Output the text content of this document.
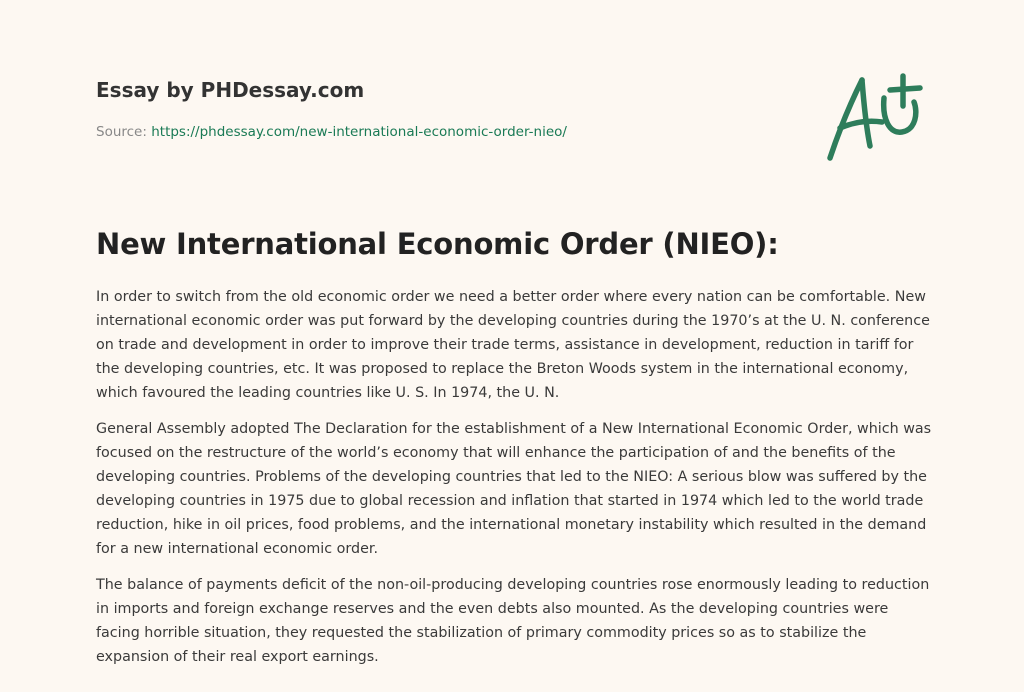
Essay by PHDessay.com
Source: https://phdessay.com/new-international-economic-order-nieo/
New International Economic Order (NIEO):

In order to switch from the old economic order we need a better order where every nation can be comfortable. New international economic order was put forward by the developing countries during the 1970’s at the U. N. conference on trade and development in order to improve their trade terms, assistance in development, reduction in tariff for the developing countries, etc. It was proposed to replace the Breton Woods system in the international economy, which favoured the leading countries like U. S. In 1974, the U. N.

General Assembly adopted The Declaration for the establishment of a New International Economic Order, which was focused on the restructure of the world’s economy that will enhance the participation of and the benefits of the developing countries. Problems of the developing countries that led to the NIEO: A serious blow was suffered by the developing countries in 1975 due to global recession and inflation that started in 1974 which led to the world trade reduction, hike in oil prices, food problems, and the international monetary instability which resulted in the demand for a new international economic order.

The balance of payments deficit of the non-oil-producing developing countries rose enormously leading to reduction in imports and foreign exchange reserves and the even debts also mounted. As the developing countries were facing horrible situation, they requested the stabilization of primary commodity prices so as to stabilize the expansion of their real export earnings.
